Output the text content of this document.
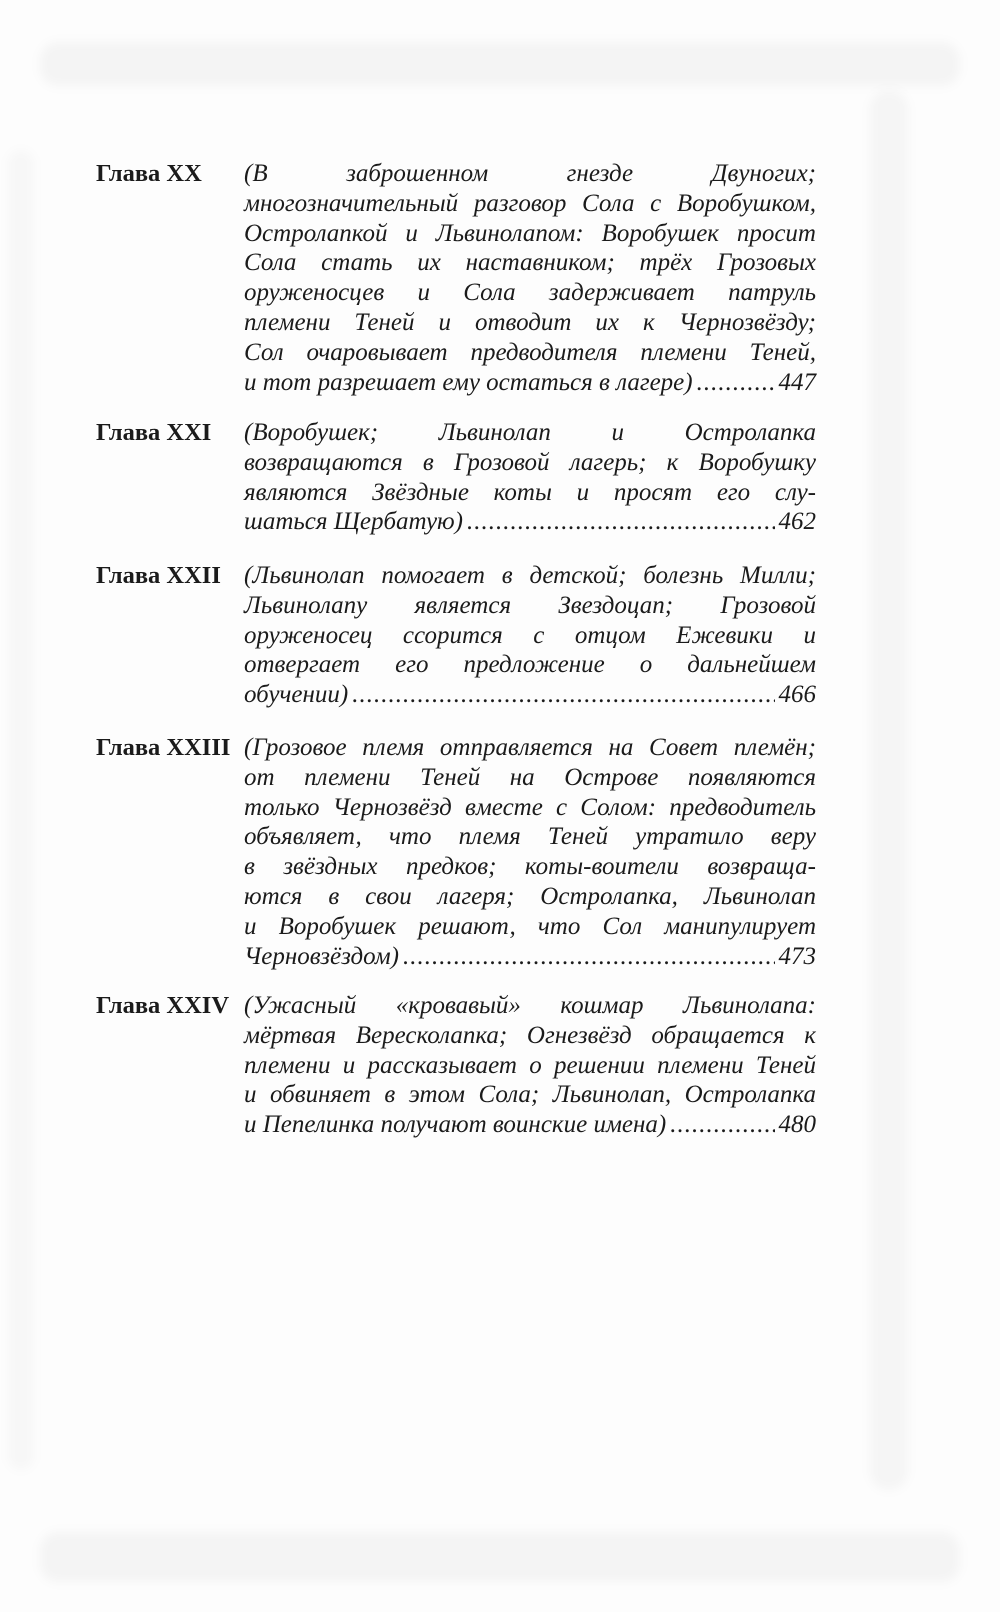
Глава XX	(В заброшенном гнезде Двуногих;
многозначительный разговор Сола с Воробушком,
Остролапкой и Львинолапом: Воробушек просит
Сола стать их наставником; трёх Грозовых
оруженосцев и Сола задерживает патруль
племени Теней и отводит их к Чернозвёзду;
Сол очаровывает предводителя племени Теней,
и тот разрешает ему остаться в лагере) .....	447
Глава XXI	(Воробушек; Львинолап и Остролапка
возвращаются в Грозовой лагерь; к Воробушку
являются Звёздные коты и просят его слу-
шаться Щербатую) .....	462
Глава XXII (Львинолап помогает в детской; болезнь Милли;
Львинолапу является Звездоцап; Грозовой
оруженосец ссорится с отцом Ежевики и
отвергает его предложение о дальнейшем
обучении) .....	466
Глава XXIII (Грозовое племя отправляется на Совет племён;
от племени Теней на Острове появляются
только Чернозвёзд вместе с Солом: предводитель
объявляет, что племя Теней утратило веру
в звёздных предков; коты-воители возвраща-
ются в свои лагеря; Остролапка, Львинолап
и Воробушек решают, что Сол манипулирует
Черновзёздом) .....	473
Глава XXIV (Ужасный «кровавый» кошмар Львинолапа:
мёртвая Вересколапка; Огнезвёзд обращается к
племени и рассказывает о решении племени Теней
и обвиняет в этом Сола; Львинолап, Остролапка
и Пепелинка получают воинские имена) .....	480
